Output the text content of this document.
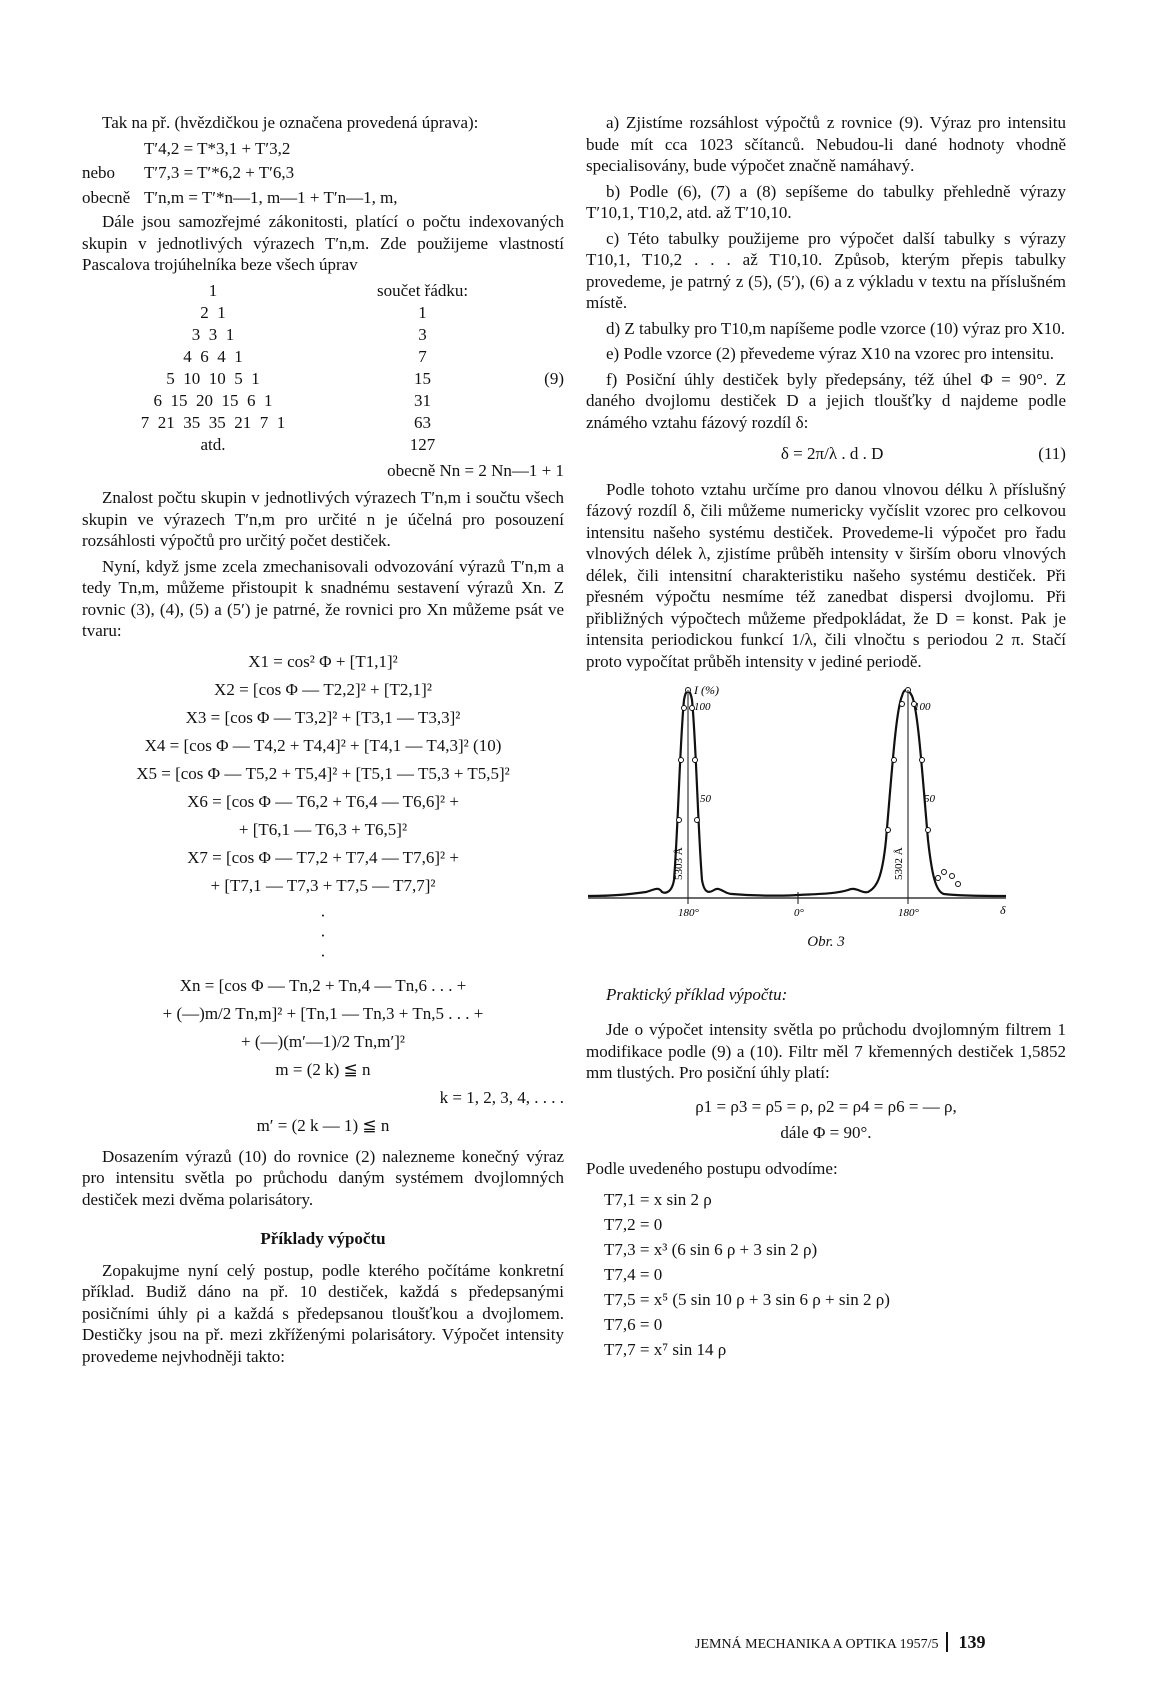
Tak na př. (hvězdičkou je označena provedená úprava):

T′4,2 = T*3,1 + T′3,2
nebo T′7,3 = T′*6,2 + T′6,3
obecně T′n,m = T′*n—1, m—1 + T′n—1, m,

Dále jsou samozřejmé zákonitosti, platící o počtu indexovaných skupin v jednotlivých výrazech T′n,m. Zde použijeme vlastností Pascalova trojúhelníka beze všech úprav

1	součet řádku:	
2  1	1	
3  3  1	3	
4  6  4  1	7	
5  10  10  5  1	15	(9)
6  15  20  15  6  1	31	
7  21  35  35  21  7  1	63	
atd.	127	
obecně Nn = 2 Nn—1 + 1

Znalost počtu skupin v jednotlivých výrazech T′n,m i součtu všech skupin ve výrazech T′n,m pro určité n je účelná pro posouzení rozsáhlosti výpočtů pro určitý počet destiček.

Nyní, když jsme zcela zmechanisovali odvozování výrazů T′n,m a tedy Tn,m, můžeme přistoupit k snadnému sestavení výrazů Xn. Z rovnic (3), (4), (5) a (5′) je patrné, že rovnici pro Xn můžeme psát ve tvaru:

X1 = cos² Φ + [T1,1]²
X2 = [cos Φ — T2,2]² + [T2,1]²
X3 = [cos Φ — T3,2]² + [T3,1 — T3,3]²
X4 = [cos Φ — T4,2 + T4,4]² + [T4,1 — T4,3]² (10)
X5 = [cos Φ — T5,2 + T5,4]² + [T5,1 — T5,3 + T5,5]²
X6 = [cos Φ — T6,2 + T6,4 — T6,6]² +
+ [T6,1 — T6,3 + T6,5]²
X7 = [cos Φ — T7,2 + T7,4 — T7,6]² +
+ [T7,1 — T7,3 + T7,5 — T7,7]²
·
·
·
Xn = [cos Φ — Tn,2 + Tn,4 — Tn,6 . . . +
+ (—)m/2 Tn,m]² + [Tn,1 — Tn,3 + Tn,5 . . . +
+ (—)(m′—1)/2 Tn,m′]²
m = (2 k) ≦ n
k = 1, 2, 3, 4, . . . .
m′ = (2 k — 1) ≦ n

Dosazením výrazů (10) do rovnice (2) nalezneme konečný výraz pro intensitu světla po průchodu daným systémem dvojlomných destiček mezi dvěma polarisátory.

Příklady výpočtu

Zopakujme nyní celý postup, podle kterého počítáme konkretní příklad. Budiž dáno na př. 10 destiček, každá s předepsanými posičními úhly ρi a každá s předepsanou tloušťkou a dvojlomem. Destičky jsou na př. mezi zkříženými polarisátory. Výpočet intensity provedeme nejvhodněji takto:

a) Zjistíme rozsáhlost výpočtů z rovnice (9). Výraz pro intensitu bude mít cca 1023 sčítanců. Nebudou-li dané hodnoty vhodně specialisovány, bude výpočet značně namáhavý.

b) Podle (6), (7) a (8) sepíšeme do tabulky přehledně výrazy T′10,1, T10,2, atd. až T′10,10.

c) Této tabulky použijeme pro výpočet další tabulky s výrazy T10,1, T10,2 . . . až T10,10. Způsob, kterým přepis tabulky provedeme, je patrný z (5), (5′), (6) a z výkladu v textu na příslušném místě.

d) Z tabulky pro T10,m napíšeme podle vzorce (10) výraz pro X10.

e) Podle vzorce (2) převedeme výraz X10 na vzorec pro intensitu.

f) Posiční úhly destiček byly předepsány, též úhel Φ = 90°. Z daného dvojlomu destiček D a jejich tloušťky d najdeme podle známého vztahu fázový rozdíl δ:

δ = 2π/λ . d . D	(11)

Podle tohoto vztahu určíme pro danou vlnovou délku λ příslušný fázový rozdíl δ, čili můžeme numericky vyčíslit vzorec pro celkovou intensitu našeho systému destiček. Provedeme-li výpočet pro řadu vlnových délek λ, zjistíme průběh intensity v širším oboru vlnových délek, čili intensitní charakteristiku našeho systému destiček. Při přesném výpočtu nesmíme též zanedbat dispersi dvojlomu. Při přibližných výpočtech můžeme předpokládat, že D = konst. Pak je intensita periodickou funkcí 1/λ, čili vlnočtu s periodou 2 π. Stačí proto vypočítat průběh intensity v jediné periodě.

I (%)
100	100
50	50
5303 Å	5302 Å
180°	0°	180°	δ
Obr. 3
Praktický příklad výpočtu:

Jde o výpočet intensity světla po průchodu dvojlomným filtrem 1 modifikace podle (9) a (10). Filtr měl 7 křemenných destiček 1,5852 mm tlustých. Pro posiční úhly platí:

ρ1 = ρ3 = ρ5 = ρ, ρ2 = ρ4 = ρ6 = — ρ,
dále Φ = 90°.

Podle uvedeného postupu odvodíme:

T7,1 = x sin 2 ρ
T7,2 = 0
T7,3 = x³ (6 sin 6 ρ + 3 sin 2 ρ)
T7,4 = 0
T7,5 = x⁵ (5 sin 10 ρ + 3 sin 6 ρ + sin 2 ρ)
T7,6 = 0
T7,7 = x⁷ sin 14 ρ
JEMNÁ MECHANIKA A OPTIKA 1957/5 139
